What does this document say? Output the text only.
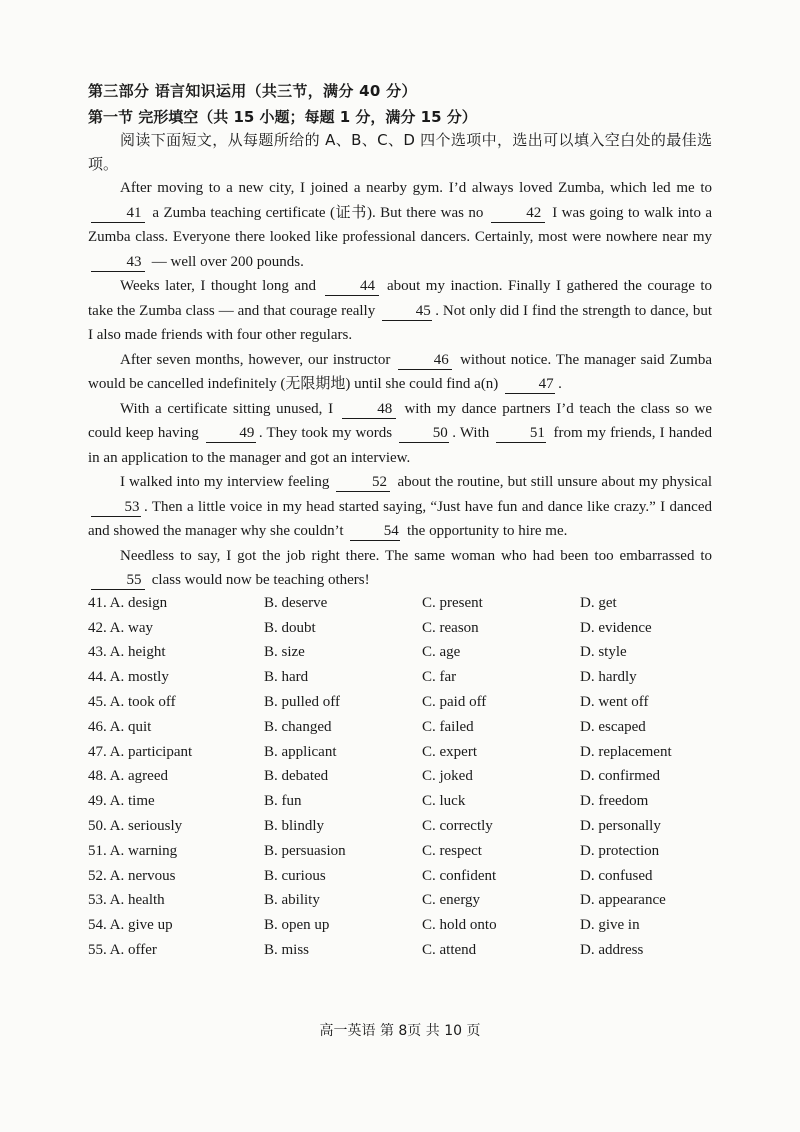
第三部分 语言知识运用（共三节，满分 40 分）
第一节 完形填空（共 15 小题；每题 1 分，满分 15 分）
阅读下面短文，从每题所给的 A、B、C、D 四个选项中，选出可以填入空白处的最佳选项。

After moving to a new city, I joined a nearby gym. I’d always loved Zumba, which led me to 41 a Zumba teaching certificate (证书). But there was no	42 I was going to walk into a Zumba class. Everyone there looked like professional dancers. Certainly, most were nowhere near my 43 — well over 200 pounds.

Weeks later, I thought long and	44 about my inaction. Finally I gathered the courage to take the Zumba class — and that courage really	45 . Not only did I find the strength to dance, but I also made friends with four other regulars.

After seven months, however, our instructor	46 without notice. The manager said Zumba would be cancelled indefinitely (无限期地) until she could find a(n)	47 .

With a certificate sitting unused, I	48 with my dance partners I’d teach the class so we could keep having	49 . They took my words	50 . With	51 from my friends, I handed in an application to the manager and got an interview.

I walked into my interview feeling	52 about the routine, but still unsure about my physical 53 . Then a little voice in my head started saying, “Just have fun and dance like crazy.” I danced and showed the manager why she couldn’t	54 the opportunity to hire me.

Needless to say, I got the job right there. The same woman who had been too embarrassed to 55 class would now be teaching others!

41. A. design	B. deserve	C. present	D. get
42. A. way	B. doubt	C. reason	D. evidence
43. A. height	B. size	C. age	D. style
44. A. mostly	B. hard	C. far	D. hardly
45. A. took off	B. pulled off	C. paid off	D. went off
46. A. quit	B. changed	C. failed	D. escaped
47. A. participant	B. applicant	C. expert	D. replacement
48. A. agreed	B. debated	C. joked	D. confirmed
49. A. time	B. fun	C. luck	D. freedom
50. A. seriously	B. blindly	C. correctly	D. personally
51. A. warning	B. persuasion	C. respect	D. protection
52. A. nervous	B. curious	C. confident	D. confused
53. A. health	B. ability	C. energy	D. appearance
54. A. give up	B. open up	C. hold onto	D. give in
55. A. offer	B. miss	C. attend	D. address
高一英语 第 8页 共 10 页
